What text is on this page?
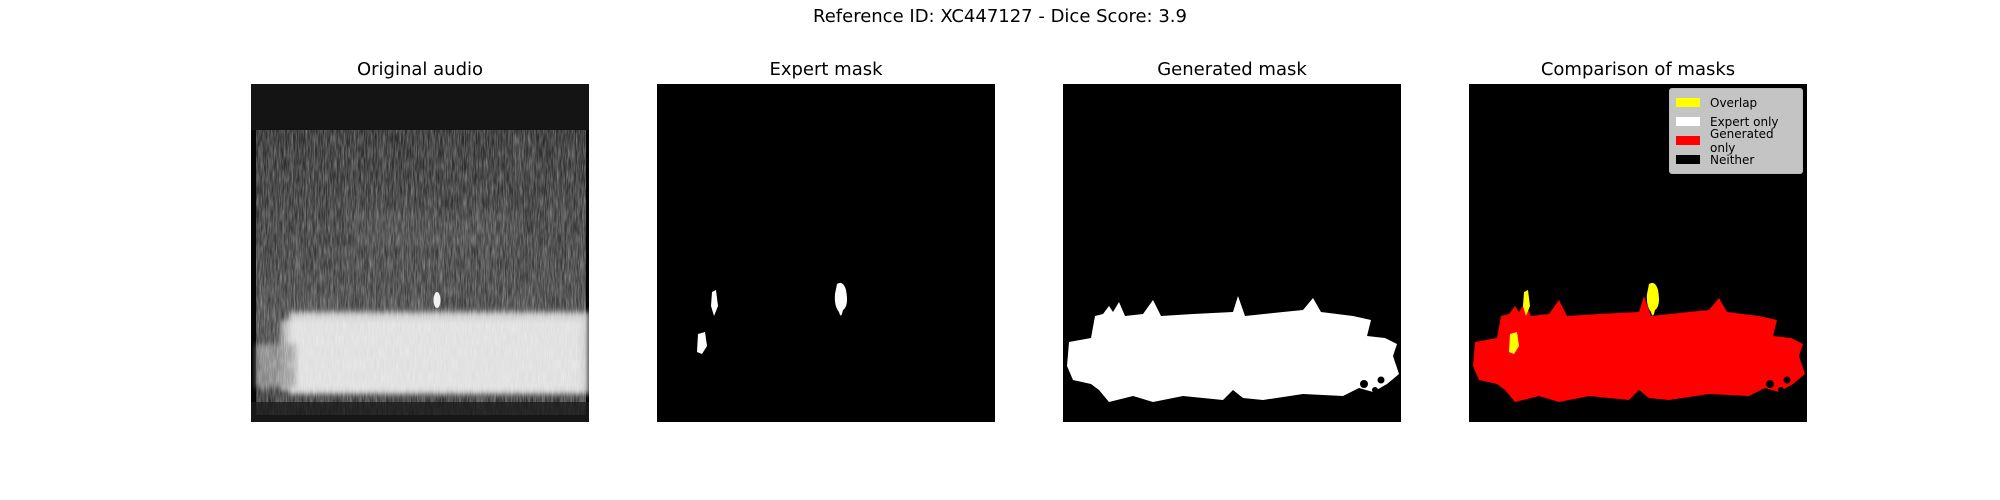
Reference ID: XC447127 - Dice Score: 3.9
Original audio	Expert mask	Generated mask	Comparison of masks
Overlap
Expert only
Generated only
Neither
